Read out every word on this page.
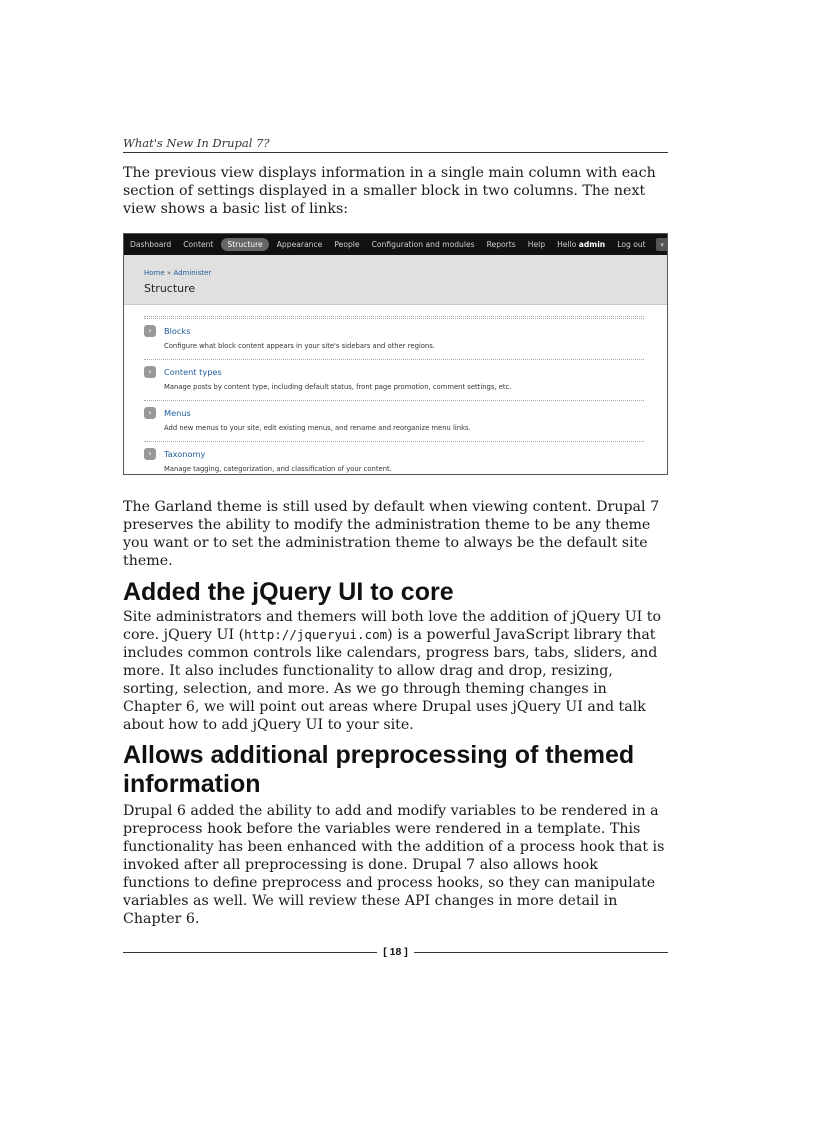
What's New In Drupal 7?

The previous view displays information in a single main column with each section of settings displayed in a smaller block in two columns. The next view shows a basic list of links:

Dashboard	Content	Structure	Appearance	People	Configuration and modules	Reports	Help	Hello admin	Log out	▾
Home » Administer
Structure
›	Blocks
Configure what block content appears in your site's sidebars and other regions.
›	Content types
Manage posts by content type, including default status, front page promotion, comment settings, etc.
›	Menus
Add new menus to your site, edit existing menus, and rename and reorganize menu links.
›	Taxonomy
Manage tagging, categorization, and classification of your content.

The Garland theme is still used by default when viewing content. Drupal 7 preserves the ability to modify the administration theme to be any theme you want or to set the administration theme to always be the default site theme.

Added the jQuery UI to core

Site administrators and themers will both love the addition of jQuery UI to core. jQuery UI (http://jqueryui.com) is a powerful JavaScript library that includes common controls like calendars, progress bars, tabs, sliders, and more. It also includes functionality to allow drag and drop, resizing, sorting, selection, and more. As we go through theming changes in Chapter 6, we will point out areas where Drupal uses jQuery UI and talk about how to add jQuery UI to your site.

Allows additional preprocessing of themed information

Drupal 6 added the ability to add and modify variables to be rendered in a preprocess hook before the variables were rendered in a template. This functionality has been enhanced with the addition of a process hook that is invoked after all preprocessing is done. Drupal 7 also allows hook functions to define preprocess and process hooks, so they can manipulate variables as well. We will review these API changes in more detail in Chapter 6.

[ 18 ]
